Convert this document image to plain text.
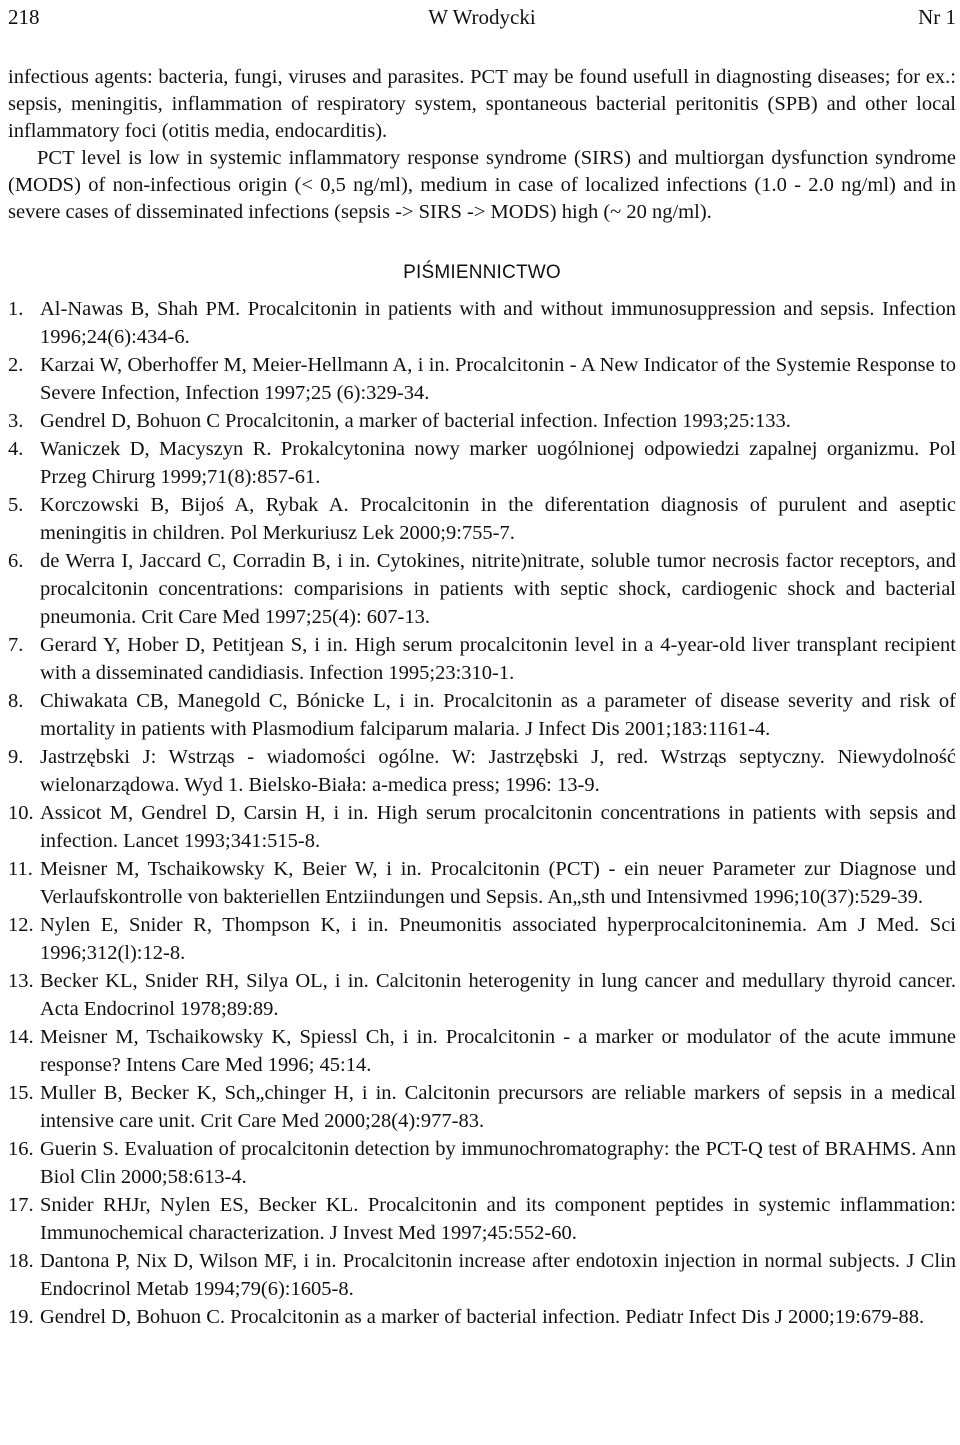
218	W Wrodycki	Nr 1

infectious agents: bacteria, fungi, viruses and parasites. PCT may be found usefull in diagnosting diseases; for ex.: sepsis, meningitis, inflammation of respiratory system, spontaneous bacterial peritonitis (SPB) and other local inflammatory foci (otitis media, endocarditis).

PCT level is low in systemic inflammatory response syndrome (SIRS) and multiorgan dysfunction syndrome (MODS) of non-infectious origin (< 0,5 ng/ml), medium in case of localized infections (1.0 - 2.0 ng/ml) and in severe cases of disseminated infections (sepsis -> SIRS -> MODS) high (~ 20 ng/ml).

PIŚMIENNICTWO
1. Al-Nawas B, Shah PM. Procalcitonin in patients with and without immunosuppression and sepsis. Infection 1996;24(6):434-6.
2. Karzai W, Oberhoffer M, Meier-Hellmann A, i in. Procalcitonin - A New Indicator of the Systemie Response to Severe Infection, Infection 1997;25 (6):329-34.
3. Gendrel D, Bohuon C Procalcitonin, a marker of bacterial infection. Infection 1993;25:133.
4. Waniczek D, Macyszyn R. Prokalcytonina nowy marker uogólnionej odpowiedzi zapalnej organizmu. Pol Przeg Chirurg 1999;71(8):857-61.
5. Korczowski B, Bijoś A, Rybak A. Procalcitonin in the diferentation diagnosis of purulent and aseptic meningitis in children. Pol Merkuriusz Lek 2000;9:755-7.
6. de Werra I, Jaccard C, Corradin B, i in. Cytokines, nitrite)nitrate, soluble tumor necrosis factor receptors, and procalcitonin concentrations: comparisions in patients with septic shock, cardiogenic shock and bacterial pneumonia. Crit Care Med 1997;25(4): 607-13.
7. Gerard Y, Hober D, Petitjean S, i in. High serum procalcitonin level in a 4-year-old liver transplant recipient with a disseminated candidiasis. Infection 1995;23:310-1.
8. Chiwakata CB, Manegold C, Bónicke L, i in. Procalcitonin as a parameter of disease severity and risk of mortality in patients with Plasmodium falciparum malaria. J Infect Dis 2001;183:1161-4.
9. Jastrzębski J: Wstrząs - wiadomości ogólne. W: Jastrzębski J, red. Wstrząs septyczny. Niewydolność wielonarządowa. Wyd 1. Bielsko-Biała: a-medica press; 1996: 13-9.
10. Assicot M, Gendrel D, Carsin H, i in. High serum procalcitonin concentrations in patients with sepsis and infection. Lancet 1993;341:515-8.
11. Meisner M, Tschaikowsky K, Beier W, i in. Procalcitonin (PCT) - ein neuer Parameter zur Diagnose und Verlaufskontrolle von bakteriellen Entziindungen und Sepsis. An„sth und Intensivmed 1996;10(37):529-39.
12. Nylen E, Snider R, Thompson K, i in. Pneumonitis associated hyperprocalcitoninemia. Am J Med. Sci 1996;312(l):12-8.
13. Becker KL, Snider RH, Silya OL, i in. Calcitonin heterogenity in lung cancer and medullary thyroid cancer. Acta Endocrinol 1978;89:89.
14. Meisner M, Tschaikowsky K, Spiessl Ch, i in. Procalcitonin - a marker or modulator of the acute immune response? Intens Care Med 1996; 45:14.
15. Muller B, Becker K, Sch„chinger H, i in. Calcitonin precursors are reliable markers of sepsis in a medical intensive care unit. Crit Care Med 2000;28(4):977-83.
16. Guerin S. Evaluation of procalcitonin detection by immunochromatography: the PCT-Q test of BRAHMS. Ann Biol Clin 2000;58:613-4.
17. Snider RHJr, Nylen ES, Becker KL. Procalcitonin and its component peptides in systemic inflammation: Immunochemical characterization. J Invest Med 1997;45:552-60.
18. Dantona P, Nix D, Wilson MF, i in. Procalcitonin increase after endotoxin injection in normal subjects. J Clin Endocrinol Metab 1994;79(6):1605-8.
19. Gendrel D, Bohuon C. Procalcitonin as a marker of bacterial infection. Pediatr Infect Dis J 2000;19:679-88.
